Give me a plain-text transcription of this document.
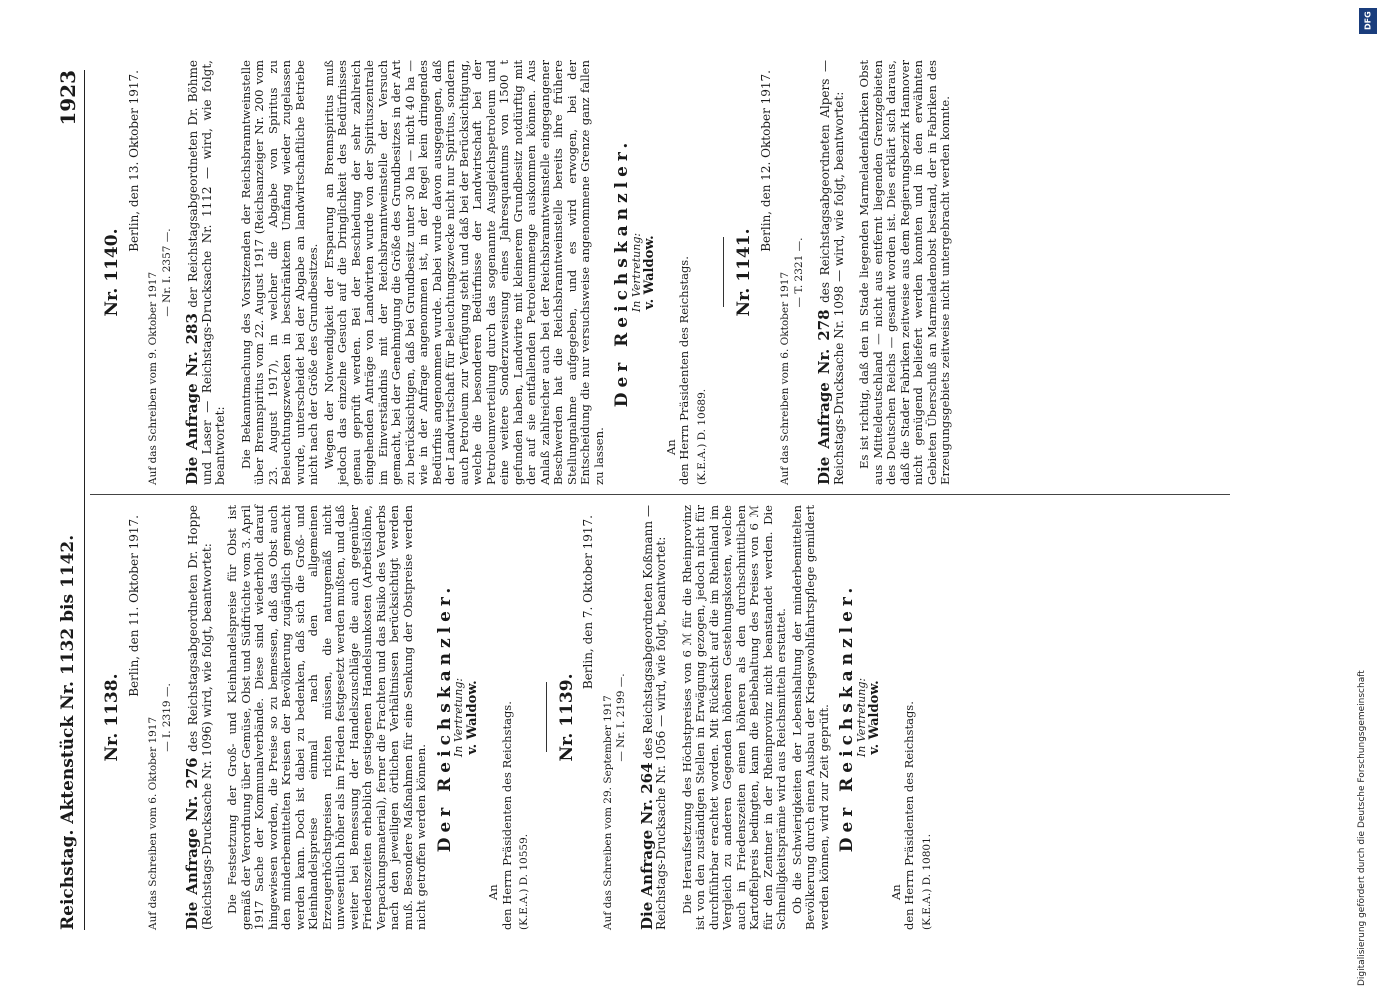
Reichstag. Aktenstück Nr. 1132 bis 1142.
1923
Nr. 1138.
Berlin, den 11. Oktober 1917.
Auf das Schreiben vom 6. Oktober 1917 — I. 2319 —.

Die Anfrage Nr. 276 des Reichstagsabgeordneten Dr. Hoppe (Reichstags-Drucksache Nr. 1096) wird, wie folgt, beantwortet: Die Festsetzung der Groß- und Kleinhandelspreise für Obst ist gemäß der Verordnung über Gemüse, Obst und Südfrüchte vom 3. April 1917 Sache der Kommunalverbände. Diese sind wiederholt darauf hingewiesen worden, die Preise so zu bemessen, daß das Obst auch den minderbemittelten Kreisen der Bevölkerung zugänglich gemacht werden kann. Doch ist dabei zu bedenken, daß sich die Groß- und Kleinhandelspreise einmal nach den allgemeinen Erzeugerhöchstpreisen richten müssen, die naturgemäß nicht unwesentlich höher als im Frieden festgesetzt werden mußten, und daß weiter bei Bemessung der Handelszuschläge die auch gegenüber Friedenszeiten erheblich gestiegenen Handelsunkosten (Arbeitslöhne, Verpackungsmaterial), ferner die Frachten und das Risiko des Verderbs nach den jeweiligen örtlichen Verhältnissen berücksichtigt werden muß. Besondere Maßnahmen für eine Senkung der Obstpreise werden nicht getroffen werden können. Der Reichskanzler.
In Vertretung: v. Waldow.
An den Herrn Präsidenten des Reichstags. (K.E.A.) D. 10559.
Nr. 1139.
Berlin, den 7. Oktober 1917.
Auf das Schreiben vom 29. September 1917 — Nr. I. 2199 —.

Die Anfrage Nr. 264 des Reichstagsabgeordneten Koßmann — Reichstags-Drucksache Nr. 1056 — wird, wie folgt, beantwortet: Die Heraufsetzung des Höchstpreises von 6 ℳ für die Rheinprovinz ist von den zuständigen Stellen in Erwägung gezogen, jedoch nicht für durchführbar erachtet worden. Mit Rücksicht auf die im Rheinland im Vergleich zu anderen Gegenden höheren Gestehungskosten, welche auch in Friedenszeiten einen höheren als den durchschnittlichen Kartoffelpreis bedingten, kann die Beibehaltung des Preises von 6 ℳ für den Zentner in der Rheinprovinz nicht beanstandet werden. Die Schnelligkeitsprämie wird aus Reichsmitteln erstattet. Ob die Schwierigkeiten der Lebenshaltung der minderbemittelten Bevölkerung durch einen Ausbau der Kriegswohlfahrtspflege gemildert werden können, wird zur Zeit geprüft. Der Reichskanzler.
In Vertretung: v. Waldow.
An den Herrn Präsidenten des Reichstags. (K.E.A.) D. 10801.
Nr. 1140.
Berlin, den 13. Oktober 1917.
Auf das Schreiben vom 9. Oktober 1917 — Nr. I. 2357 —.

Die Anfrage Nr. 283 der Reichstagsabgeordneten Dr. Böhme und Laser — Reichstags-Drucksache Nr. 1112 — wird, wie folgt, beantwortet: Die Bekanntmachung des Vorsitzenden der Reichsbranntweinstelle über Brennspiritus vom 22. August 1917 (Reichsanzeiger Nr. 200 vom 23. August 1917), in welcher die Abgabe von Spiritus zu Beleuchtungszwecken in beschränktem Umfang wieder zugelassen wurde, unterscheidet bei der Abgabe an landwirtschaftliche Betriebe nicht nach der Größe des Grundbesitzes. Wegen der Notwendigkeit der Ersparung an Brennspiritus muß jedoch das einzelne Gesuch auf die Dringlichkeit des Bedürfnisses genau geprüft werden. Bei der Beschiedung der sehr zahlreich eingehenden Anträge von Landwirten wurde von der Spirituszentrale im Einverständnis mit der Reichsbranntweinstelle der Versuch gemacht, bei der Genehmigung die Größe des Grundbesitzes in der Art zu berücksichtigen, daß bei Grundbesitz unter 30 ha — nicht 40 ha — wie in der Anfrage angenommen ist, in der Regel kein dringendes Bedürfnis angenommen wurde. Dabei wurde davon ausgegangen, daß der Landwirtschaft für Beleuchtungszwecke nicht nur Spiritus, sondern auch Petroleum zur Verfügung steht und daß bei der Berücksichtigung, welche die besonderen Bedürfnisse der Landwirtschaft bei der Petroleumverteilung durch das sogenannte Ausgleichspetroleum und eine weitere Sonderzuweisung eines Jahresquantums von 1500 t gefunden haben, Landwirte mit kleinerem Grundbesitz notdürftig mit der auf sie entfallenden Petroleummenge auskommen können. Aus Anlaß zahlreicher auch bei der Reichsbranntweinstelle eingegangener Beschwerden hat die Reichsbranntweinstelle bereits ihre frühere Stellungnahme aufgegeben, und es wird erwogen, bei der Entscheidung die nur versuchsweise angenommene Grenze ganz fallen zu lassen.

Der Reichskanzler.
In Vertretung: v. Waldow.
An den Herrn Präsidenten des Reichstags. (K.E.A.) D. 10689.
Nr. 1141.
Berlin, den 12. Oktober 1917.
Auf das Schreiben vom 6. Oktober 1917 — T. 2321 —.

Die Anfrage Nr. 278 des Reichstagsabgeordneten Alpers — Reichstags-Drucksache Nr. 1098 — wird, wie folgt, beantwortet: Es ist richtig, daß den in Stade liegenden Marmeladenfabriken Obst aus Mitteldeutschland — nicht aus entfernt liegenden Grenzgebieten des Deutschen Reichs — gesandt worden ist. Dies erklärt sich daraus, daß die Stader Fabriken zeitweise aus dem Regierungsbezirk Hannover nicht genügend beliefert werden konnten und in den erwähnten Gebieten Überschuß an Marmeladenobst bestand, der in Fabriken des Erzeugungsgebiets zeitweise nicht untergebracht werden konnte.

Digitalisierung gefördert durch die Deutsche Forschungsgemeinschaft
DFG
